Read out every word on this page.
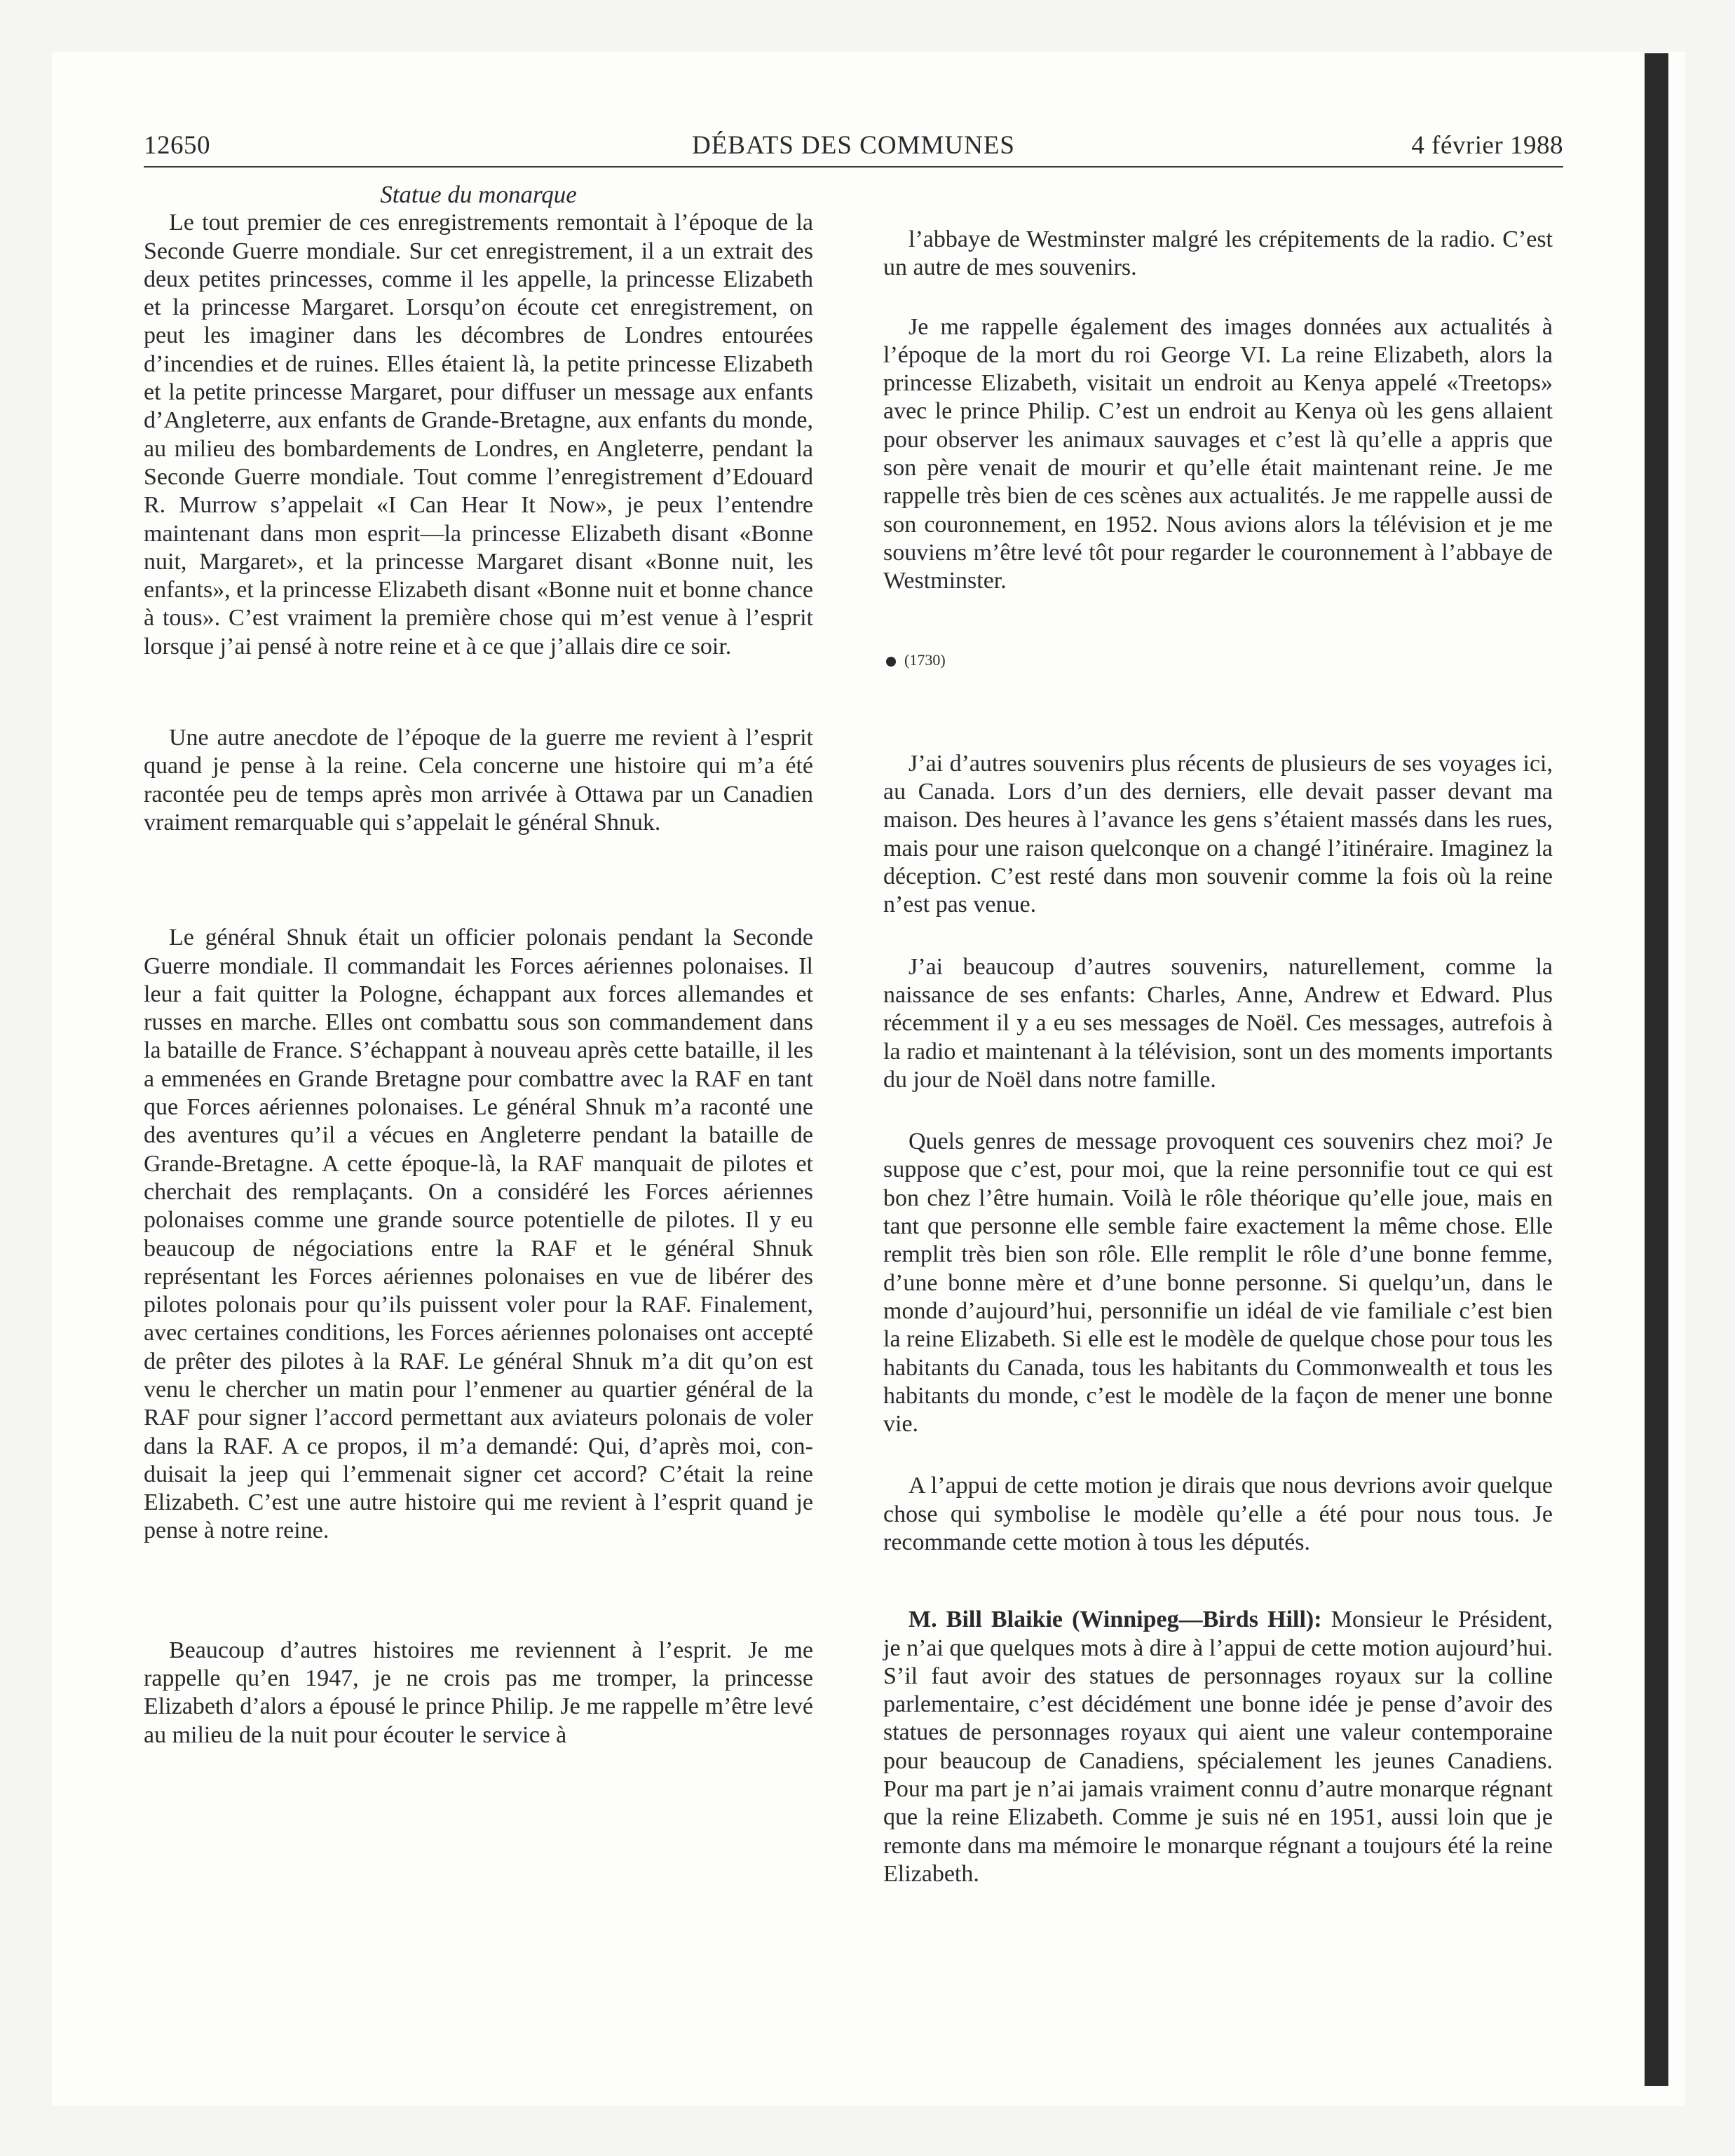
12650	DÉBATS DES COMMUNES	4 février 1988

Statue du monarque

Le tout premier de ces enregistrements remontait à l’époque de la Seconde Guerre mondiale. Sur cet enregistrement, il a un extrait des deux petites princesses, comme il les appelle, la princesse Elizabeth et la princesse Margaret. Lorsqu’on écoute cet enregistrement, on peut les imaginer dans les décombres de Londres entourées d’incendies et de ruines. Elles étaient là, la petite princesse Elizabeth et la petite princesse Margaret, pour diffuser un message aux enfants d’Angleterre, aux enfants de Grande-Bretagne, aux enfants du monde, au milieu des bombardements de Londres, en Angleterre, pendant la Seconde Guerre mondiale. Tout comme l’enregistrement d’Edouard R. Murrow s’appelait «I Can Hear It Now», je peux l’entendre maintenant dans mon esprit—la princesse Elizabeth disant «Bonne nuit, Margaret», et la princesse Margaret disant «Bonne nuit, les enfants», et la princesse Elizabeth disant «Bonne nuit et bonne chance à tous». C’est vraiment la première chose qui m’est venue à l’esprit lorsque j’ai pensé à notre reine et à ce que j’allais dire ce soir.

Une autre anecdote de l’époque de la guerre me revient à l’esprit quand je pense à la reine. Cela concerne une histoire qui m’a été racontée peu de temps après mon arrivée à Ottawa par un Canadien vraiment remarquable qui s’appelait le général Shnuk.

Le général Shnuk était un officier polonais pendant la Seconde Guerre mondiale. Il commandait les Forces aériennes polonaises. Il leur a fait quitter la Pologne, échappant aux forces allemandes et russes en marche. Elles ont combattu sous son commandement dans la bataille de France. S’échappant à nouveau après cette bataille, il les a emmenées en Grande Bretagne pour combattre avec la RAF en tant que Forces aériennes polonaises. Le général Shnuk m’a raconté une des aventures qu’il a vécues en Angleterre pendant la bataille de Grande-Bretagne. A cette époque-là, la RAF manquait de pilotes et cherchait des remplaçants. On a considéré les Forces aériennes polonaises comme une grande source potentielle de pilotes. Il y eu beaucoup de négociations entre la RAF et le général Shnuk représentant les Forces aériennes polonaises en vue de libérer des pilotes polonais pour qu’ils puissent voler pour la RAF. Finalement, avec certaines conditions, les Forces aériennes polonaises ont accepté de prêter des pilotes à la RAF. Le général Shnuk m’a dit qu’on est venu le chercher un matin pour l’enmener au quartier général de la RAF pour signer l’accord permettant aux aviateurs polonais de voler dans la RAF. A ce propos, il m’a demandé: Qui, d’après moi, conduisait la jeep qui l’emmenait signer cet accord? C’était la reine Elizabeth. C’est une autre histoire qui me revient à l’esprit quand je pense à notre reine.

Beaucoup d’autres histoires me reviennent à l’esprit. Je me rappelle qu’en 1947, je ne crois pas me tromper, la princesse Elizabeth d’alors a épousé le prince Philip. Je me rappelle m’être levé au milieu de la nuit pour écouter le service à

l’abbaye de Westminster malgré les crépitements de la radio. C’est un autre de mes souvenirs.

Je me rappelle également des images données aux actualités à l’époque de la mort du roi George VI. La reine Elizabeth, alors la princesse Elizabeth, visitait un endroit au Kenya appelé «Treetops» avec le prince Philip. C’est un endroit au Kenya où les gens allaient pour observer les animaux sauvages et c’est là qu’elle a appris que son père venait de mourir et qu’elle était maintenant reine. Je me rappelle très bien de ces scènes aux actualités. Je me rappelle aussi de son couronnement, en 1952. Nous avions alors la télévision et je me souviens m’être levé tôt pour regarder le couronnement à l’abbaye de Westminster.

(1730)

J’ai d’autres souvenirs plus récents de plusieurs de ses voyages ici, au Canada. Lors d’un des derniers, elle devait passer devant ma maison. Des heures à l’avance les gens s’étaient massés dans les rues, mais pour une raison quelconque on a changé l’itinéraire. Imaginez la déception. C’est resté dans mon souvenir comme la fois où la reine n’est pas venue.

J’ai beaucoup d’autres souvenirs, naturellement, comme la naissance de ses enfants: Charles, Anne, Andrew et Edward. Plus récemment il y a eu ses messages de Noël. Ces messages, autrefois à la radio et maintenant à la télévision, sont un des moments importants du jour de Noël dans notre famille.

Quels genres de message provoquent ces souvenirs chez moi? Je suppose que c’est, pour moi, que la reine personnifie tout ce qui est bon chez l’être humain. Voilà le rôle théorique qu’elle joue, mais en tant que personne elle semble faire exactement la même chose. Elle remplit très bien son rôle. Elle remplit le rôle d’une bonne femme, d’une bonne mère et d’une bonne personne. Si quelqu’un, dans le monde d’aujourd’hui, personnifie un idéal de vie familiale c’est bien la reine Elizabeth. Si elle est le modèle de quelque chose pour tous les habitants du Canada, tous les habitants du Commonwealth et tous les habitants du monde, c’est le modèle de la façon de mener une bonne vie.

A l’appui de cette motion je dirais que nous devrions avoir quelque chose qui symbolise le modèle qu’elle a été pour nous tous. Je recommande cette motion à tous les députés.

M. Bill Blaikie (Winnipeg—Birds Hill): Monsieur le Président, je n’ai que quelques mots à dire à l’appui de cette motion aujourd’hui. S’il faut avoir des statues de personnages royaux sur la colline parlementaire, c’est décidément une bonne idée je pense d’avoir des statues de personnages royaux qui aient une valeur contemporaine pour beaucoup de Canadiens, spécialement les jeunes Canadiens. Pour ma part je n’ai jamais vraiment connu d’autre monarque régnant que la reine Elizabeth. Comme je suis né en 1951, aussi loin que je remonte dans ma mémoire le monarque régnant a toujours été la reine Elizabeth.
